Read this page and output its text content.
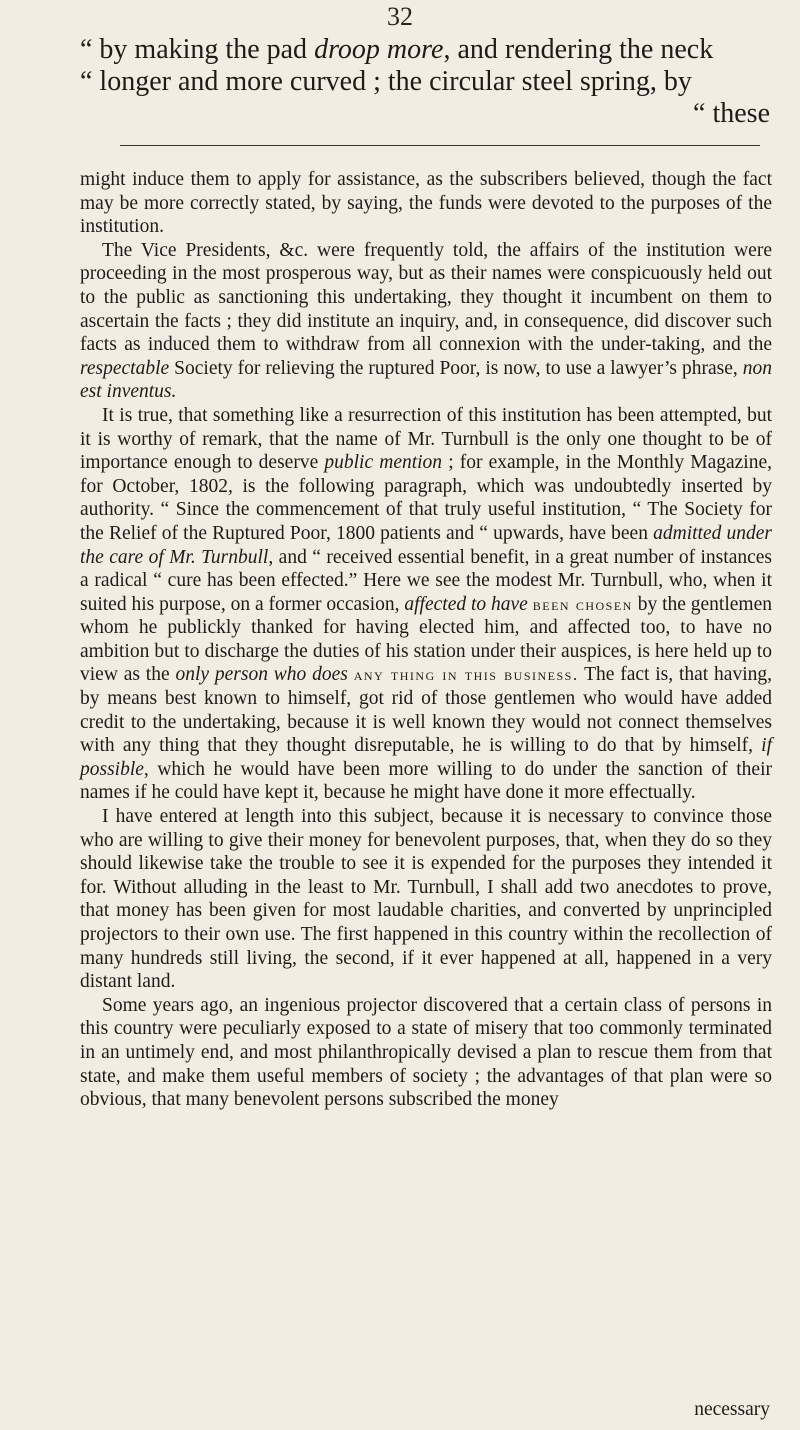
32
“ by making the pad droop more, and rendering the neck
“ longer and more curved ; the circular steel spring, by
“ these

might induce them to apply for assistance, as the subscribers believed, though the fact may be more correctly stated, by saying, the funds were devoted to the purposes of the institution.

The Vice Presidents, &c. were frequently told, the affairs of the institution were proceeding in the most prosperous way, but as their names were conspicuously held out to the public as sanctioning this undertaking, they thought it incumbent on them to ascertain the facts ; they did institute an inquiry, and, in consequence, did discover such facts as induced them to withdraw from all connexion with the under-taking, and the respectable Society for relieving the ruptured Poor, is now, to use a lawyer’s phrase, non est inventus.

It is true, that something like a resurrection of this institution has been attempted, but it is worthy of remark, that the name of Mr. Turnbull is the only one thought to be of importance enough to deserve public mention ; for example, in the Monthly Magazine, for October, 1802, is the following paragraph, which was undoubtedly inserted by authority. “ Since the commencement of that truly useful institution, “ The Society for the Relief of the Ruptured Poor, 1800 patients and “ upwards, have been admitted under the care of Mr. Turnbull, and “ received essential benefit, in a great number of instances a radical “ cure has been effected.” Here we see the modest Mr. Turnbull, who, when it suited his purpose, on a former occasion, affected to have been chosen by the gentlemen whom he publickly thanked for having elected him, and affected too, to have no ambition but to discharge the duties of his station under their auspices, is here held up to view as the only person who does any thing in this business. The fact is, that having, by means best known to himself, got rid of those gentlemen who would have added credit to the undertaking, because it is well known they would not connect themselves with any thing that they thought disreputable, he is willing to do that by himself, if possible, which he would have been more willing to do under the sanction of their names if he could have kept it, because he might have done it more effectually.

I have entered at length into this subject, because it is necessary to convince those who are willing to give their money for benevolent purposes, that, when they do so they should likewise take the trouble to see it is expended for the purposes they intended it for. Without alluding in the least to Mr. Turnbull, I shall add two anecdotes to prove, that money has been given for most laudable charities, and converted by unprincipled projectors to their own use. The first happened in this country within the recollection of many hundreds still living, the second, if it ever happened at all, happened in a very distant land.

Some years ago, an ingenious projector discovered that a certain class of persons in this country were peculiarly exposed to a state of misery that too commonly terminated in an untimely end, and most philanthropically devised a plan to rescue them from that state, and make them useful members of society ; the advantages of that plan were so obvious, that many benevolent persons subscribed the money

necessary
